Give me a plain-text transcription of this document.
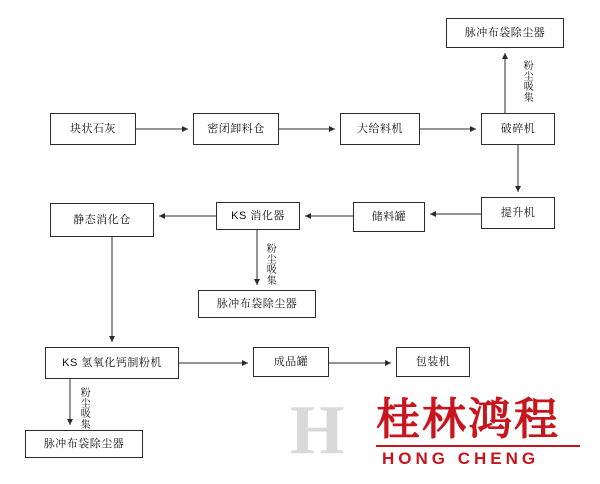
块状石灰	密闭卸料仓	大给料机	破碎机
脉冲布袋除尘器
提升机
储料罐
KS 消化器
静态消化仓
脉冲布袋除尘器
KS 氢氧化钙制粉机	成品罐	包装机
脉冲布袋除尘器
粉尘吸集
粉尘吸集
粉尘吸集	H 桂林鸿程
HONG CHENG
